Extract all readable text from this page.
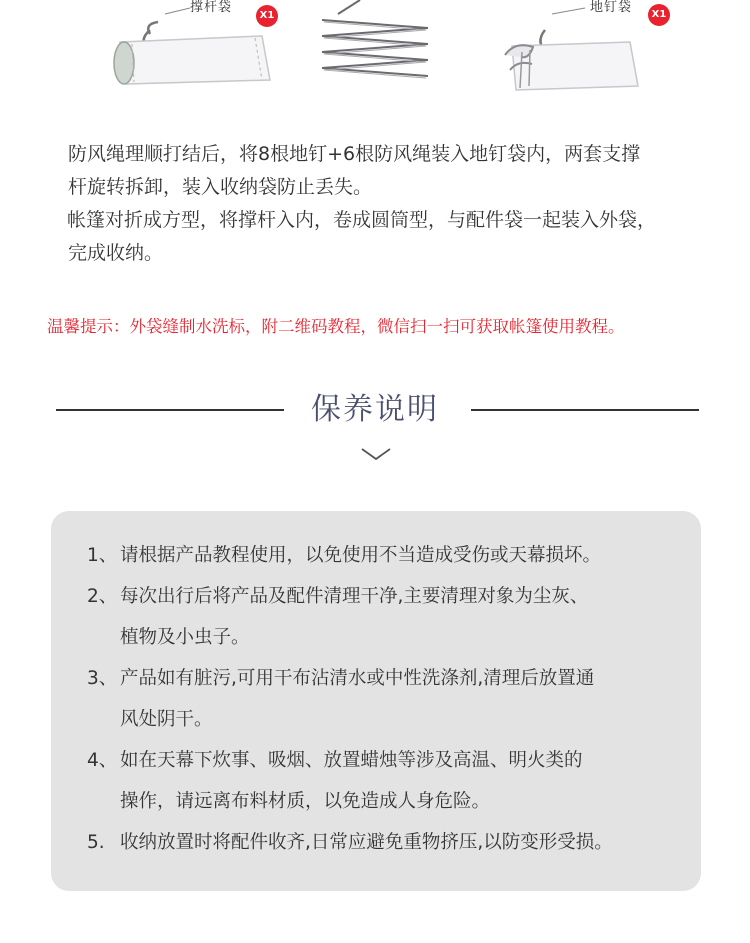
撑杆袋
X1
地钉袋	X1

防风绳理顺打结后，将8根地钉+6根防风绳装入地钉袋内，两套支撑

杆旋转拆卸，装入收纳袋防止丢失。

帐篷对折成方型，将撑杆入内，卷成圆筒型，与配件袋一起装入外袋，

完成收纳。

温馨提示：外袋缝制水洗标，附二维码教程，微信扫一扫可获取帐篷使用教程。
保养说明
1、 请根据产品教程使用，以免使用不当造成受伤或天幕损坏。
2、 每次出行后将产品及配件清理干净,主要清理对象为尘灰、
植物及小虫子。
3、 产品如有脏污,可用干布沾清水或中性洗涤剂,清理后放置通
风处阴干。
4、 如在天幕下炊事、吸烟、放置蜡烛等涉及高温、明火类的
操作，请远离布料材质，以免造成人身危险。
5. 收纳放置时将配件收齐,日常应避免重物挤压,以防变形受损。
